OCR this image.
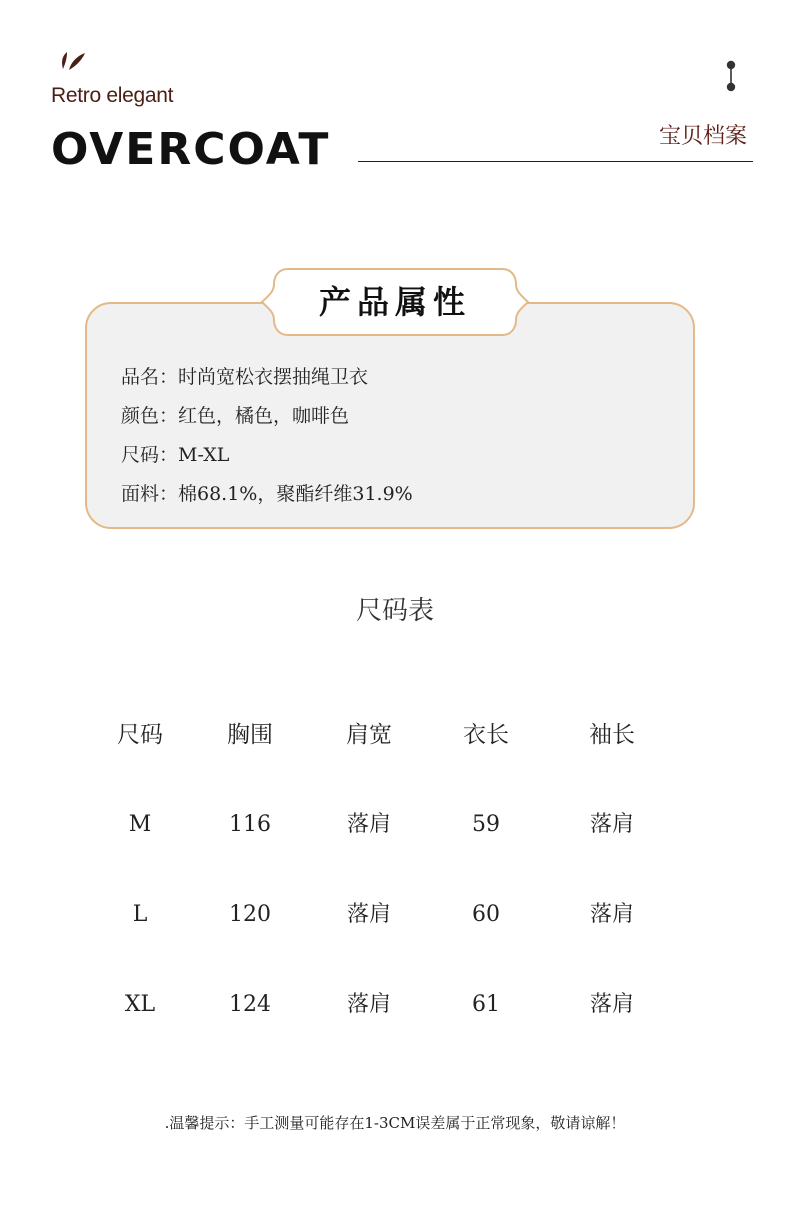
Retro elegant
OVERCOAT	宝贝档案
产品属性
品名：时尚宽松衣摆抽绳卫衣
颜色：红色，橘色，咖啡色
尺码：M-XL
面料：棉68.1%，聚酯纤维31.9%
尺码表
尺码	胸围	肩宽	衣长	袖长
M	116	落肩	59	落肩
L	120	落肩	60	落肩
XL	124	落肩	61	落肩
.温馨提示：手工测量可能存在1-3CM误差属于正常现象，敬请谅解！
